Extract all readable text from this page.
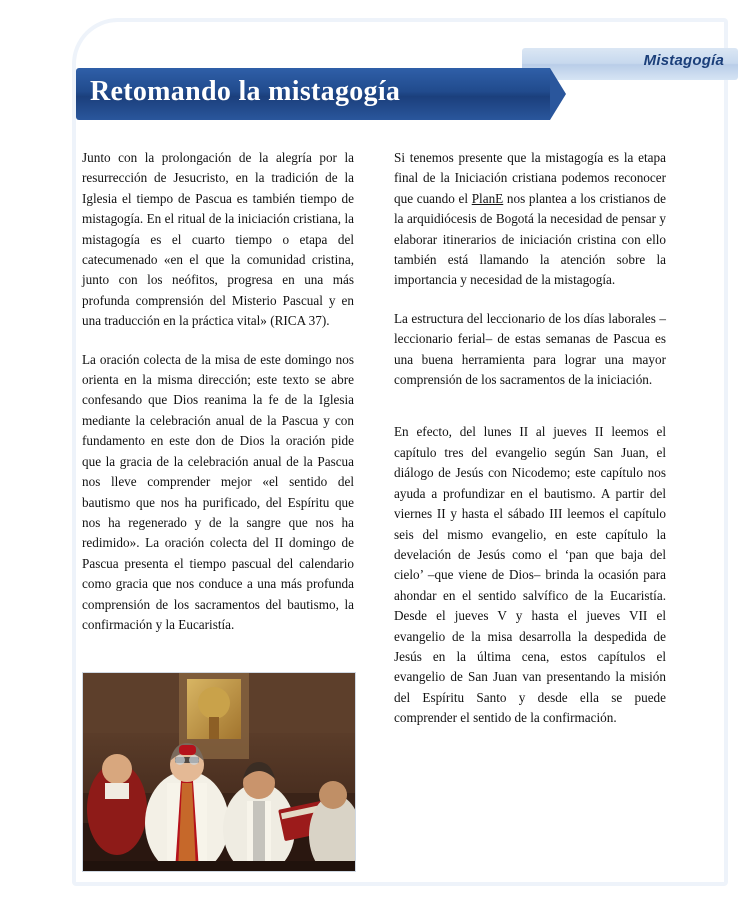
Mistagogía
Retomando la mistagogía

Junto con la prolongación de la alegría por la resurrección de Jesucristo, en la tradición de la Iglesia el tiempo de Pascua es también tiempo de mistagogía. En el ritual de la iniciación cristiana, la mistagogía es el cuarto tiempo o etapa del catecumenado «en el que la comunidad cristina, junto con los neófitos, progresa en una más profunda comprensión del Misterio Pascual y en una traducción en la práctica vital» (RICA 37).

La oración colecta de la misa de este domingo nos orienta en la misma dirección; este texto se abre confesando que Dios reanima la fe de la Iglesia mediante la celebración anual de la Pascua y con fundamento en este don de Dios la oración pide que la gracia de la celebración anual de la Pascua nos lleve comprender mejor «el sentido del bautismo que nos ha purificado, del Espíritu que nos ha regenerado y de la sangre que nos ha redimido». La oración colecta del II domingo de Pascua presenta el tiempo pascual del calendario como gracia que nos conduce a una más profunda comprensión de los sacramentos del bautismo, la confirmación y la Eucaristía.

Si tenemos presente que la mistagogía es la etapa final de la Iniciación cristiana podemos reconocer que cuando el PlanE nos plantea a los cristianos de la arquidiócesis de Bogotá la necesidad de pensar y elaborar itinerarios de iniciación cristina con ello también está llamando la atención sobre la importancia y necesidad de la mistagogía.

La estructura del leccionario de los días laborales –leccionario ferial– de estas semanas de Pascua es una buena herramienta para lograr una mayor comprensión de los sacramentos de la iniciación.

En efecto, del lunes II al jueves II leemos el capítulo tres del evangelio según San Juan, el diálogo de Jesús con Nicodemo; este capítulo nos ayuda a profundizar en el bautismo. A partir del viernes II y hasta el sábado III leemos el capítulo seis del mismo evangelio, en este capítulo la develación de Jesús como el ‘pan que baja del cielo’ –que viene de Dios– brinda la ocasión para ahondar en el sentido salvífico de la Eucaristía. Desde el jueves V y hasta el jueves VII el evangelio de la misa desarrolla la despedida de Jesús en la última cena, estos capítulos el evangelio de San Juan van presentando la misión del Espíritu Santo y desde ella se puede comprender el sentido de la confirmación.
